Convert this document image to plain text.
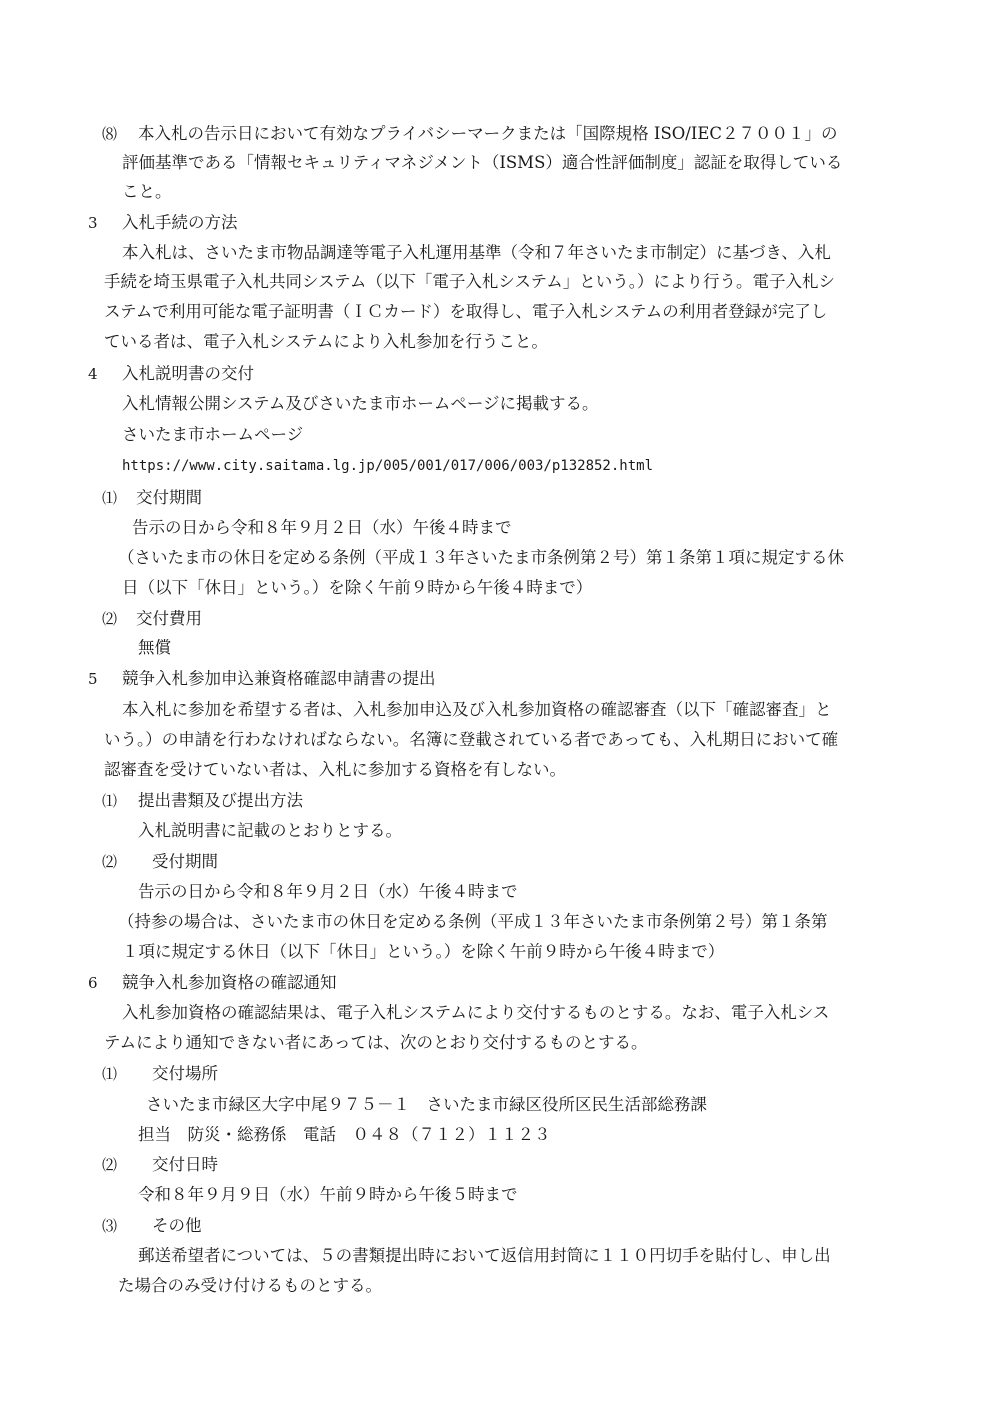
⑻ 本入札の告示日において有効なプライバシーマークまたは「国際規格 ISO/IEC２７００１」の
評価基準である「情報セキュリティマネジメント（ISMS）適合性評価制度」認証を取得している
こと。
3 入札手続の方法
本入札は、さいたま市物品調達等電子入札運用基準（令和７年さいたま市制定）に基づき、入札
手続を埼玉県電子入札共同システム（以下「電子入札システム」という。）により行う。電子入札シ
ステムで利用可能な電子証明書（ＩＣカード）を取得し、電子入札システムの利用者登録が完了し
ている者は、電子入札システムにより入札参加を行うこと。
4 入札説明書の交付
入札情報公開システム及びさいたま市ホームページに掲載する。
さいたま市ホームページ
https://www.city.saitama.lg.jp/005/001/017/006/003/p132852.html
⑴ 交付期間
告示の日から令和８年９月２日（水）午後４時まで
（さいたま市の休日を定める条例（平成１３年さいたま市条例第２号）第１条第１項に規定する休
日（以下「休日」という。）を除く午前９時から午後４時まで）
⑵ 交付費用
無償
5 競争入札参加申込兼資格確認申請書の提出
本入札に参加を希望する者は、入札参加申込及び入札参加資格の確認審査（以下「確認審査」と
いう。）の申請を行わなければならない。名簿に登載されている者であっても、入札期日において確
認審査を受けていない者は、入札に参加する資格を有しない。
⑴ 提出書類及び提出方法
入札説明書に記載のとおりとする。
⑵ 受付期間
告示の日から令和８年９月２日（水）午後４時まで
（持参の場合は、さいたま市の休日を定める条例（平成１３年さいたま市条例第２号）第１条第
１項に規定する休日（以下「休日」という。）を除く午前９時から午後４時まで）
6 競争入札参加資格の確認通知
入札参加資格の確認結果は、電子入札システムにより交付するものとする。なお、電子入札シス
テムにより通知できない者にあっては、次のとおり交付するものとする。
⑴ 交付場所
さいたま市緑区大字中尾９７５－１　さいたま市緑区役所区民生活部総務課
担当　防災・総務係　電話　０４８（７１２）１１２３
⑵ 交付日時
令和８年９月９日（水）午前９時から午後５時まで
⑶ その他
郵送希望者については、５の書類提出時において返信用封筒に１１０円切手を貼付し、申し出
た場合のみ受け付けるものとする。
